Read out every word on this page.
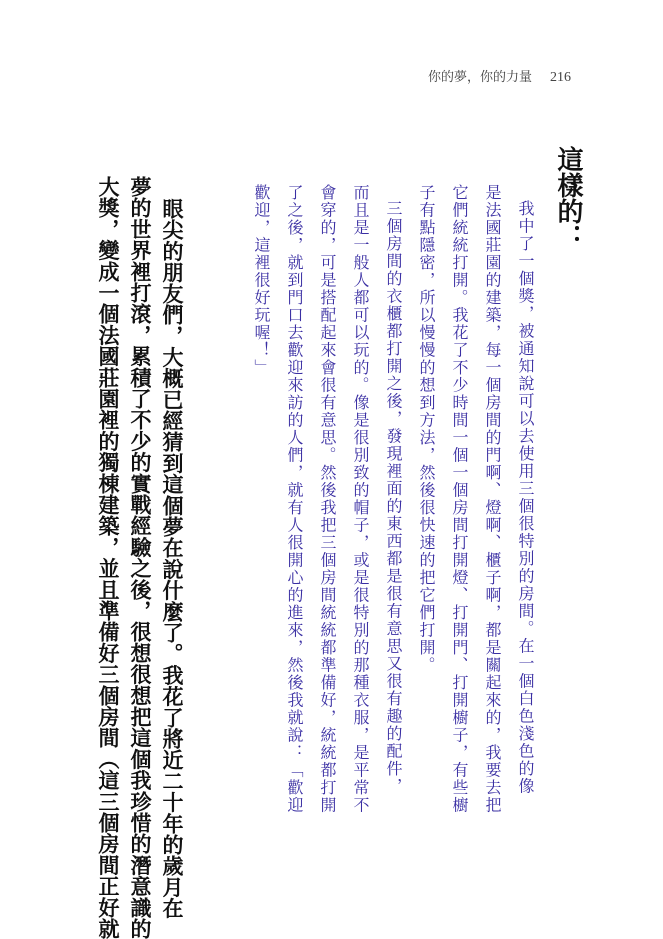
你的夢，你的力量 216
這樣的：
我中了一個獎，被通知說可以去使用三個很特別的房間。在一個白色淺色的像
是法國莊園的建築，每一個房間的門啊、燈啊、櫃子啊，都是關起來的，我要去把
它們統統打開。我花了不少時間一個一個房間打開燈、打開門、打開櫥子，有些櫥
子有點隱密，所以慢慢的想到方法，然後很快速的把它們打開。
三個房間的衣櫃都打開之後，發現裡面的東西都是很有意思又很有趣的配件，
而且是一般人都可以玩的。像是很別致的帽子，或是很特別的那種衣服，是平常不
會穿的，可是搭配起來會很有意思。然後我把三個房間統統都準備好，統統都打開
了之後，就到門口去歡迎來訪的人們，就有人很開心的進來，然後我就說：「歡迎
歡迎，這裡很好玩喔！」
眼尖的朋友們，大概已經猜到這個夢在說什麼了。我花了將近二十年的歲月在
夢的世界裡打滾，累積了不少的實戰經驗之後，很想很想把這個我珍惜的潛意識的
大獎，變成一個法國莊園裡的獨棟建築，並且準備好三個房間（這三個房間正好就
